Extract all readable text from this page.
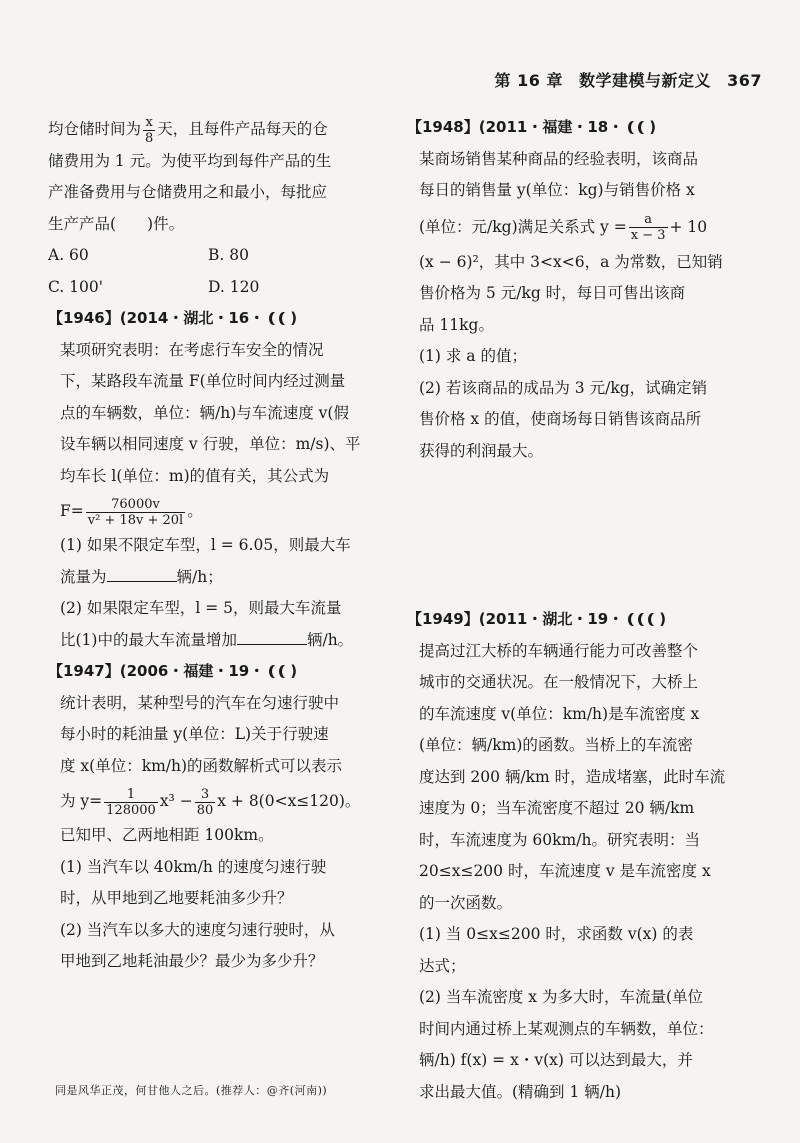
第 16 章 数学建模与新定义 367
均仓储时间为 $\frac{x}{8}$ 天，且每件产品每天的仓
储费用为 1 元。为使平均到每件产品的生
产准备费用与仓储费用之和最小，每批应
生产产品(　　)件。
A. 60	B. 80
C. 100'	D. 120
【1946】(2014・湖北・16・ )
某项研究表明：在考虑行车安全的情况
下，某路段车流量 F(单位时间内经过测量
点的车辆数，单位：辆/h)与车流速度 v(假
设车辆以相同速度 v 行驶，单位：m/s)、平
均车长 l(单位：m)的值有关，其公式为
$F= \frac{76000v}{\text{v² + 18v + 20l}}$ 。
(1) 如果不限定车型，l = 6.05，则最大车
流量为	辆/h；
(2) 如果限定车型，l = 5，则最大车流量
比(1)中的最大车流量增加	辆/h。
【1947】(2006・福建・19・ )
统计表明，某种型号的汽车在匀速行驶中
每小时的耗油量 y(单位：L)关于行驶速
度 x(单位：km/h)的函数解析式可以表示
为 $y= \frac{1}{128000} x^3 - \frac{3}{80}$ x + 8(0<x≤120)。
已知甲、乙两地相距 100km。
(1) 当汽车以 40km/h 的速度匀速行驶
时，从甲地到乙地要耗油多少升？
(2) 当汽车以多大的速度匀速行驶时，从
甲地到乙地耗油最少？最少为多少升？
【1948】(2011・福建・18・ )
某商场销售某种商品的经验表明，该商品
每日的销售量 y(单位：kg)与销售价格 x
(单位：元/kg)满足关系式 $y = \frac{a}{x - 3} + 10$
(x − 6)²，其中 3<x<6，a 为常数，已知销
售价格为 5 元/kg 时，每日可售出该商
品 11kg。
(1) 求 a 的值；
(2) 若该商品的成品为 3 元/kg，试确定销
售价格 x 的值，使商场每日销售该商品所
获得的利润最大。
【1949】(2011・湖北・19・ )
提高过江大桥的车辆通行能力可改善整个
城市的交通状况。在一般情况下，大桥上
的车流速度 v(单位：km/h)是车流密度 x
(单位：辆/km)的函数。当桥上的车流密
度达到 200 辆/km 时，造成堵塞，此时车流
速度为 0；当车流密度不超过 20 辆/km
时，车流速度为 60km/h。研究表明：当
20≤x≤200 时，车流速度 v 是车流密度 x
的一次函数。
(1) 当 0≤x≤200 时，求函数 v(x) 的表
达式；
(2) 当车流密度 x 为多大时，车流量(单位
时间内通过桥上某观测点的车辆数，单位：
辆/h) f(x) = x・v(x) 可以达到最大，并
求出最大值。(精确到 1 辆/h)
同是风华正茂，何甘他人之后。(推荐人：@齐(河南))
